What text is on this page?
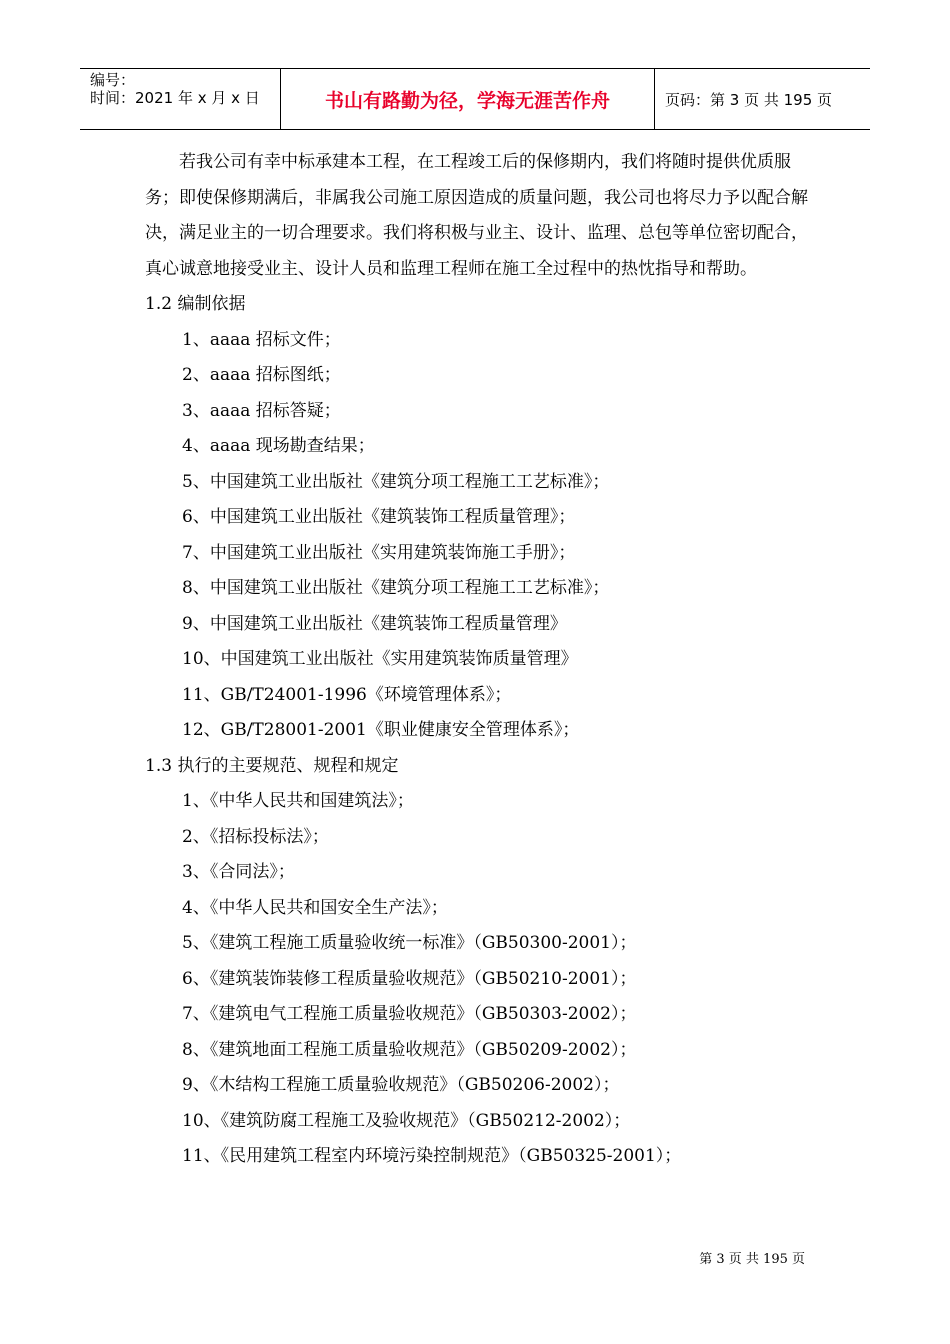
编号：
时间：2021 年 x 月 x 日	书山有路勤为径，学海无涯苦作舟	页码：第 3 页 共 195 页

若我公司有幸中标承建本工程，在工程竣工后的保修期内，我们将随时提供优质服务；即使保修期满后，非属我公司施工原因造成的质量问题，我公司也将尽力予以配合解决，满足业主的一切合理要求。我们将积极与业主、设计、监理、总包等单位密切配合，真心诚意地接受业主、设计人员和监理工程师在施工全过程中的热忱指导和帮助。

1.2 编制依据
1、aaaa 招标文件；
2、aaaa 招标图纸；
3、aaaa 招标答疑；
4、aaaa 现场勘查结果；
5、中国建筑工业出版社《建筑分项工程施工工艺标准》；
6、中国建筑工业出版社《建筑装饰工程质量管理》；
7、中国建筑工业出版社《实用建筑装饰施工手册》；
8、中国建筑工业出版社《建筑分项工程施工工艺标准》；
9、中国建筑工业出版社《建筑装饰工程质量管理》
10、中国建筑工业出版社《实用建筑装饰质量管理》
11、GB/T24001-1996《环境管理体系》；
12、GB/T28001-2001《职业健康安全管理体系》；
1.3 执行的主要规范、规程和规定
1、《中华人民共和国建筑法》；
2、《招标投标法》；
3、《合同法》；
4、《中华人民共和国安全生产法》；
5、《建筑工程施工质量验收统一标准》（GB50300-2001）；
6、《建筑装饰装修工程质量验收规范》（GB50210-2001）；
7、《建筑电气工程施工质量验收规范》（GB50303-2002）；
8、《建筑地面工程施工质量验收规范》（GB50209-2002）；
9、《木结构工程施工质量验收规范》（GB50206-2002）；
10、《建筑防腐工程施工及验收规范》（GB50212-2002）；
11、《民用建筑工程室内环境污染控制规范》（GB50325-2001）；
第 3 页 共 195 页
